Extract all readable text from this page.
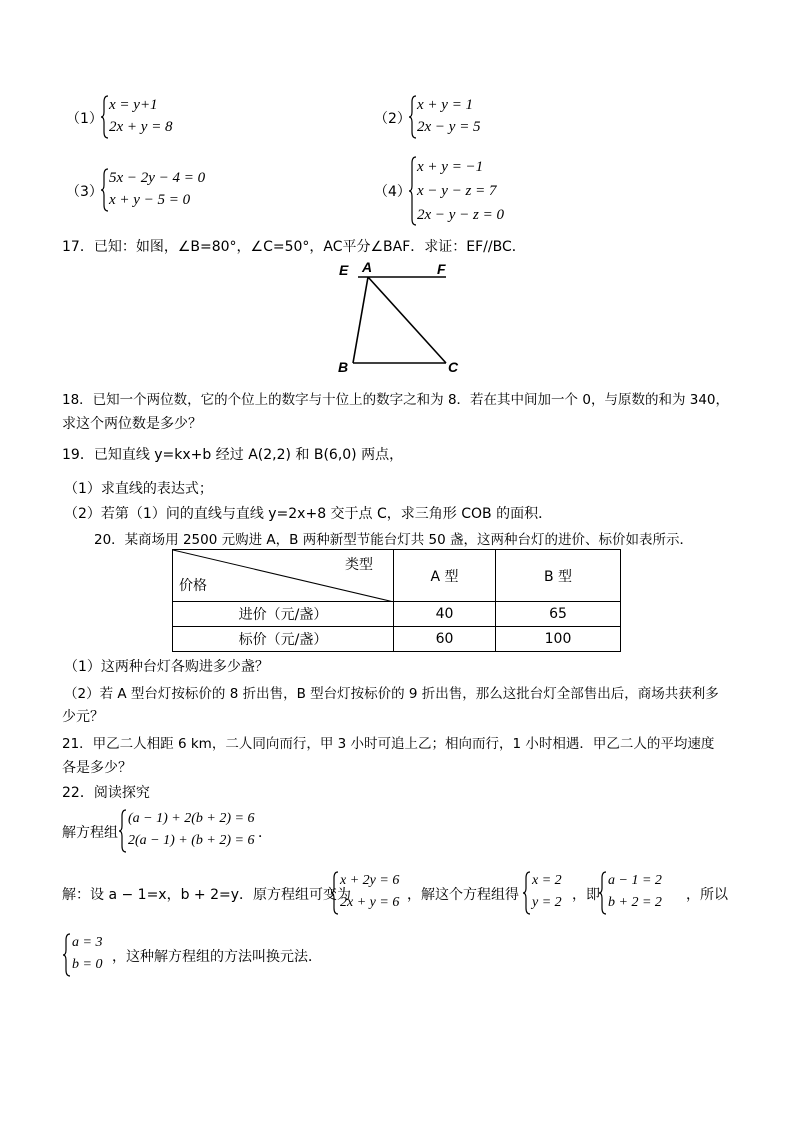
（1）
x = y+1
2x + y = 8	（2）
x + y = 1
2x − y = 5
（3）
5x − 2y − 4 = 0
x + y − 5 = 0	（4）
x + y = −1
x − y − z = 7
2x − y − z = 0
17．已知：如图，∠B=80°，∠C=50°，AC平分∠BAF．求证：EF//BC．
E A	F
B	C
18．已知一个两位数，它的个位上的数字与十位上的数字之和为 8．若在其中间加一个 0，与原数的和为 340，
求这个两位数是多少？
19．已知直线 y=kx+b 经过 A(2,2) 和 B(6,0) 两点，
（1）求直线的表达式；
（2）若第（1）问的直线与直线 y=2x+8 交于点 C，求三角形 COB 的面积．
20．某商场用 2500 元购进 A，B 两种新型节能台灯共 50 盏，这两种台灯的进价、标价如表所示．
类型
价格	A 型	B 型
进价（元/盏）	40	65
标价（元/盏）	60	100
（1）这两种台灯各购进多少盏？
（2）若 A 型台灯按标价的 8 折出售，B 型台灯按标价的 9 折出售，那么这批台灯全部售出后，商场共获利多
少元？
21．甲乙二人相距 6 km，二人同向而行，甲 3 小时可追上乙；相向而行，1 小时相遇．甲乙二人的平均速度
各是多少？
22．阅读探究
解方程组
(a − 1) + 2(b + 2) = 6
2(a − 1) + (b + 2) = 6 ．
解：设 a − 1=x，b + 2=y．原方程组可变为
x + 2y = 6
2x + y = 6 ，解这个方程组得
x = 2
y = 2 ，即
a − 1 = 2
b + 2 = 2 ，所以
a = 3
b = 0 ，这种解方程组的方法叫换元法．
